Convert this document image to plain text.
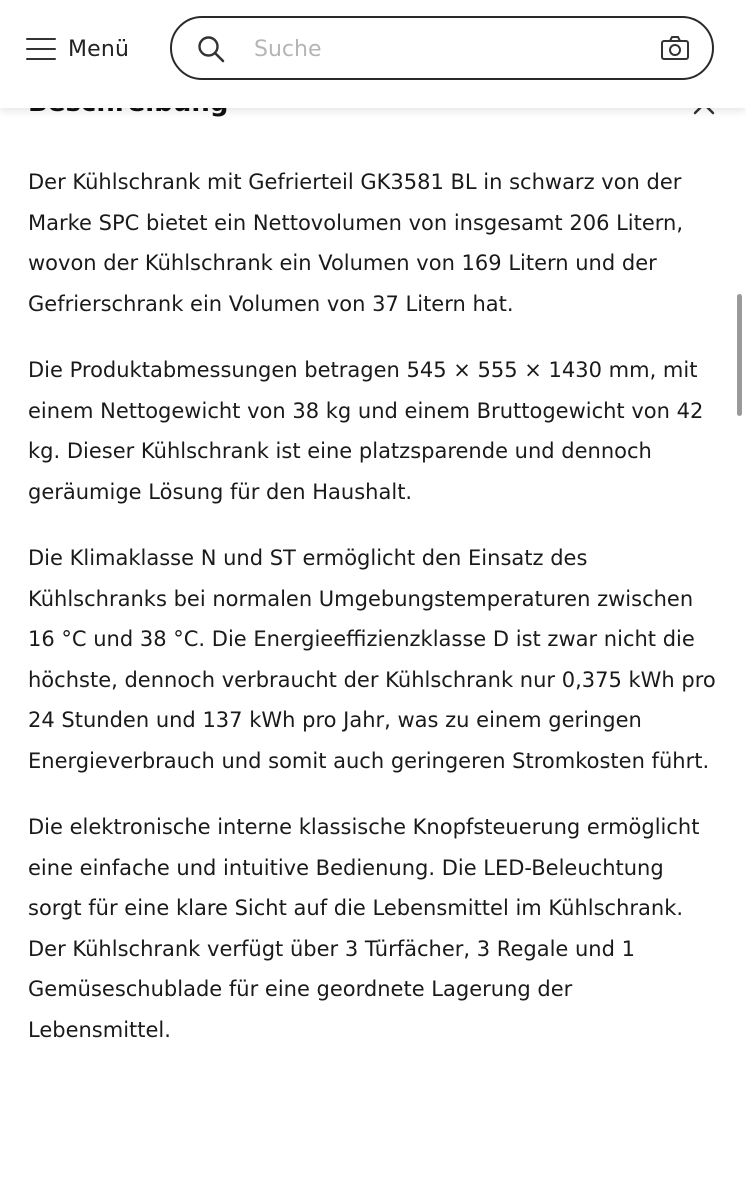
Menü
Suche

Der Kühlschrank mit Gefrierteil GK3581 BL in schwarz von der Marke SPC bietet ein Nettovolumen von insgesamt 206 Litern, wovon der Kühlschrank ein Volumen von 169 Litern und der Gefrierschrank ein Volumen von 37 Litern hat.

Die Produktabmessungen betragen 545 × 555 × 1430 mm, mit einem Nettogewicht von 38 kg und einem Bruttogewicht von 42 kg. Dieser Kühlschrank ist eine platzsparende und dennoch geräumige Lösung für den Haushalt.

Die Klimaklasse N und ST ermöglicht den Einsatz des Kühlschranks bei normalen Umgebungstemperaturen zwischen 16 °C und 38 °C. Die Energieeffizienzklasse D ist zwar nicht die höchste, dennoch verbraucht der Kühlschrank nur 0,375 kWh pro 24 Stunden und 137 kWh pro Jahr, was zu einem geringen Energieverbrauch und somit auch geringeren Stromkosten führt.

Die elektronische interne klassische Knopfsteuerung ermöglicht eine einfache und intuitive Bedienung. Die LED-Beleuchtung sorgt für eine klare Sicht auf die Lebensmittel im Kühlschrank. Der Kühlschrank verfügt über 3 Türfächer, 3 Regale und 1 Gemüseschublade für eine geordnete Lagerung der Lebensmittel.
